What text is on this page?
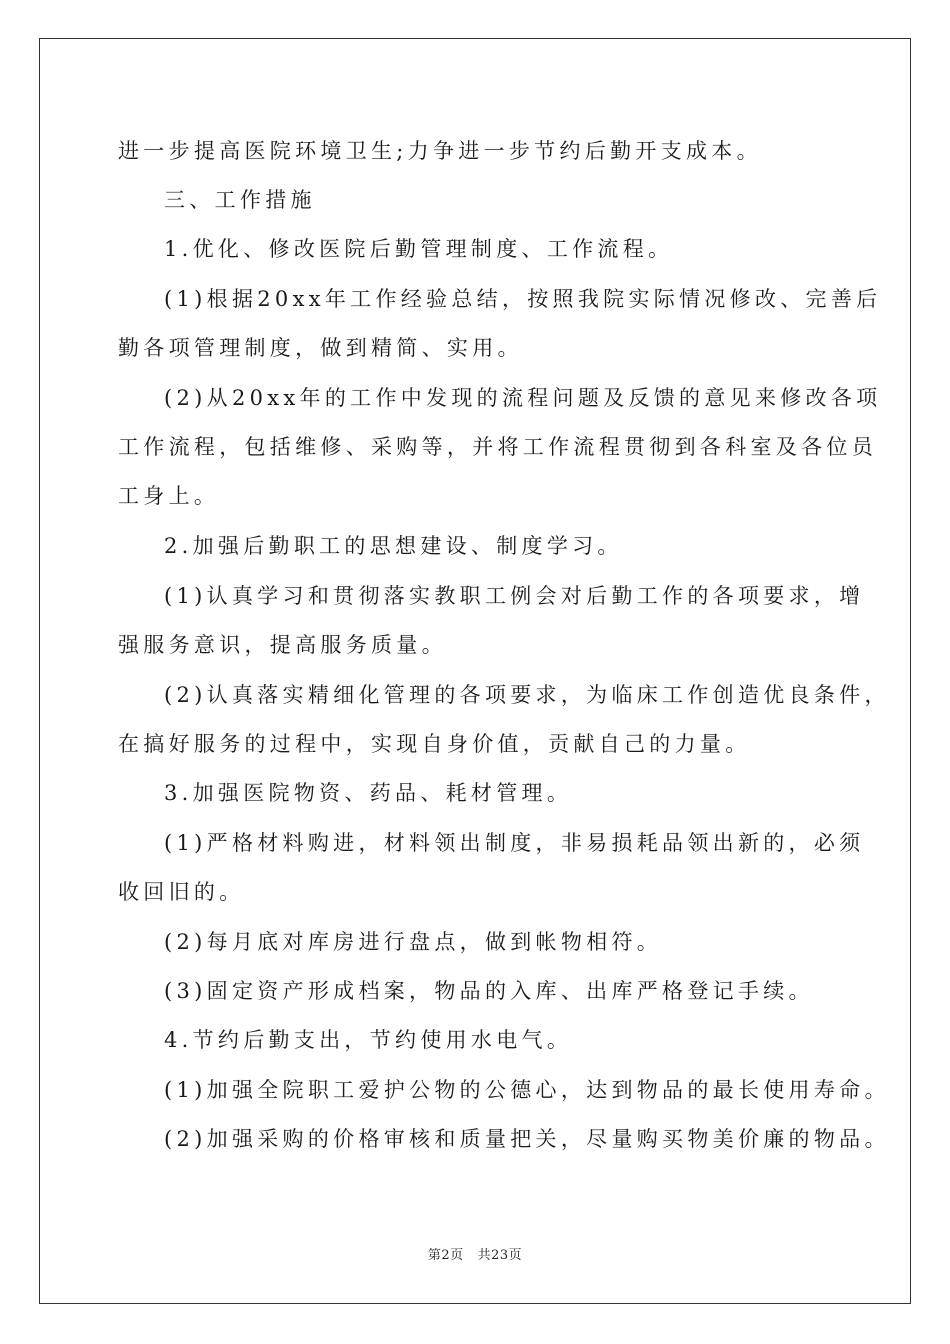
进一步提高医院环境卫生;力争进一步节约后勤开支成本。
三、工作措施
1.优化、修改医院后勤管理制度、工作流程。
(1)根据20xx年工作经验总结，按照我院实际情况修改、完善后
勤各项管理制度，做到精简、实用。
(2)从20xx年的工作中发现的流程问题及反馈的意见来修改各项
工作流程，包括维修、采购等，并将工作流程贯彻到各科室及各位员
工身上。
2.加强后勤职工的思想建设、制度学习。
(1)认真学习和贯彻落实教职工例会对后勤工作的各项要求，增
强服务意识，提高服务质量。
(2)认真落实精细化管理的各项要求，为临床工作创造优良条件，
在搞好服务的过程中，实现自身价值，贡献自己的力量。
3.加强医院物资、药品、耗材管理。
(1)严格材料购进，材料领出制度，非易损耗品领出新的，必须
收回旧的。
(2)每月底对库房进行盘点，做到帐物相符。
(3)固定资产形成档案，物品的入库、出库严格登记手续。
4.节约后勤支出，节约使用水电气。
(1)加强全院职工爱护公物的公德心，达到物品的最长使用寿命。
(2)加强采购的价格审核和质量把关，尽量购买物美价廉的物品。
第2页 共23页
